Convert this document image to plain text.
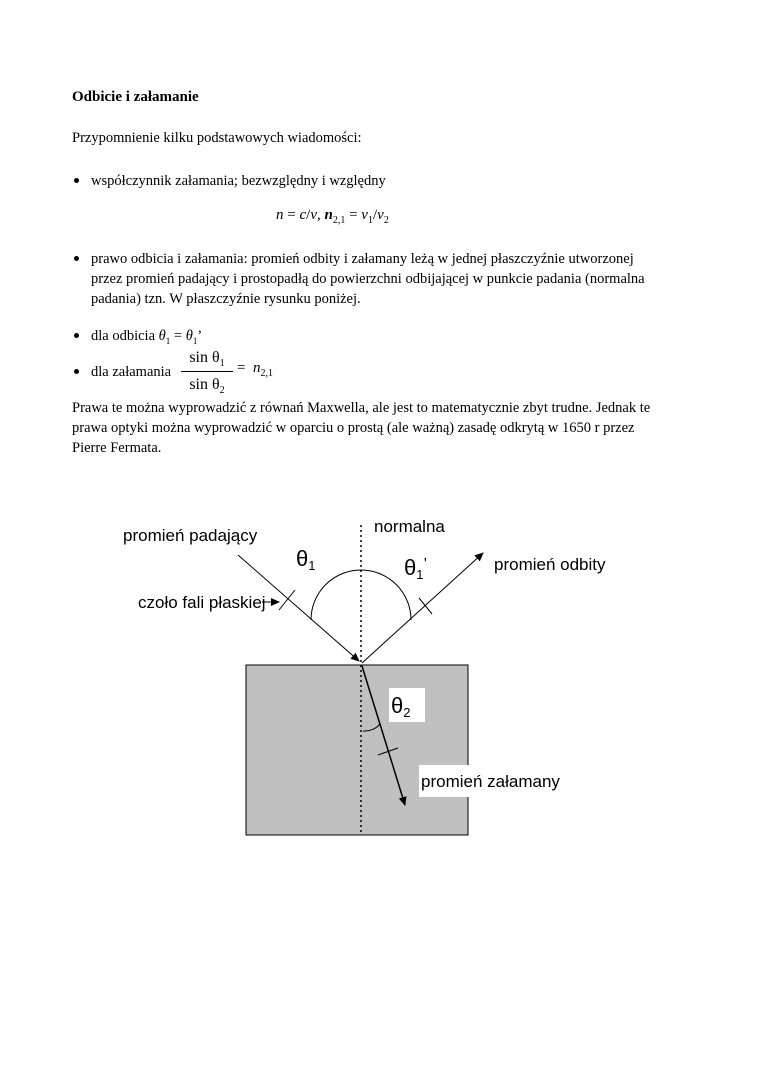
Odbicie i załamanie
Przypomnienie kilku podstawowych wiadomości:
współczynnik załamania; bezwzględny i względny
n = c/v, $n_{2,1} = v_1/v_2$
prawo odbicia i załamania: promień odbity i załamany leżą w jednej płaszczyźnie utworzonej
przez promień padający i prostopadłą do powierzchni odbijającej w punkcie padania (normalna
padania) tzn. W płaszczyźnie rysunku poniżej.
dla odbicia $\theta_1 = \theta_1$’
dla załamania
$\sin \theta_1$
$\sin \theta_2$
= $n_{2,1}$
Prawa te można wyprowadzić z równań Maxwella, ale jest to matematycznie zbyt trudne. Jednak te
prawa optyki można wyprowadzić w oparciu o prostą (ale ważną) zasadę odkrytą w 1650 r przez
Pierre Fermata.
promień padający	normalna
θ1	θ1’	promień odbity
czoło fali płaskiej
θ2
promień załamany
